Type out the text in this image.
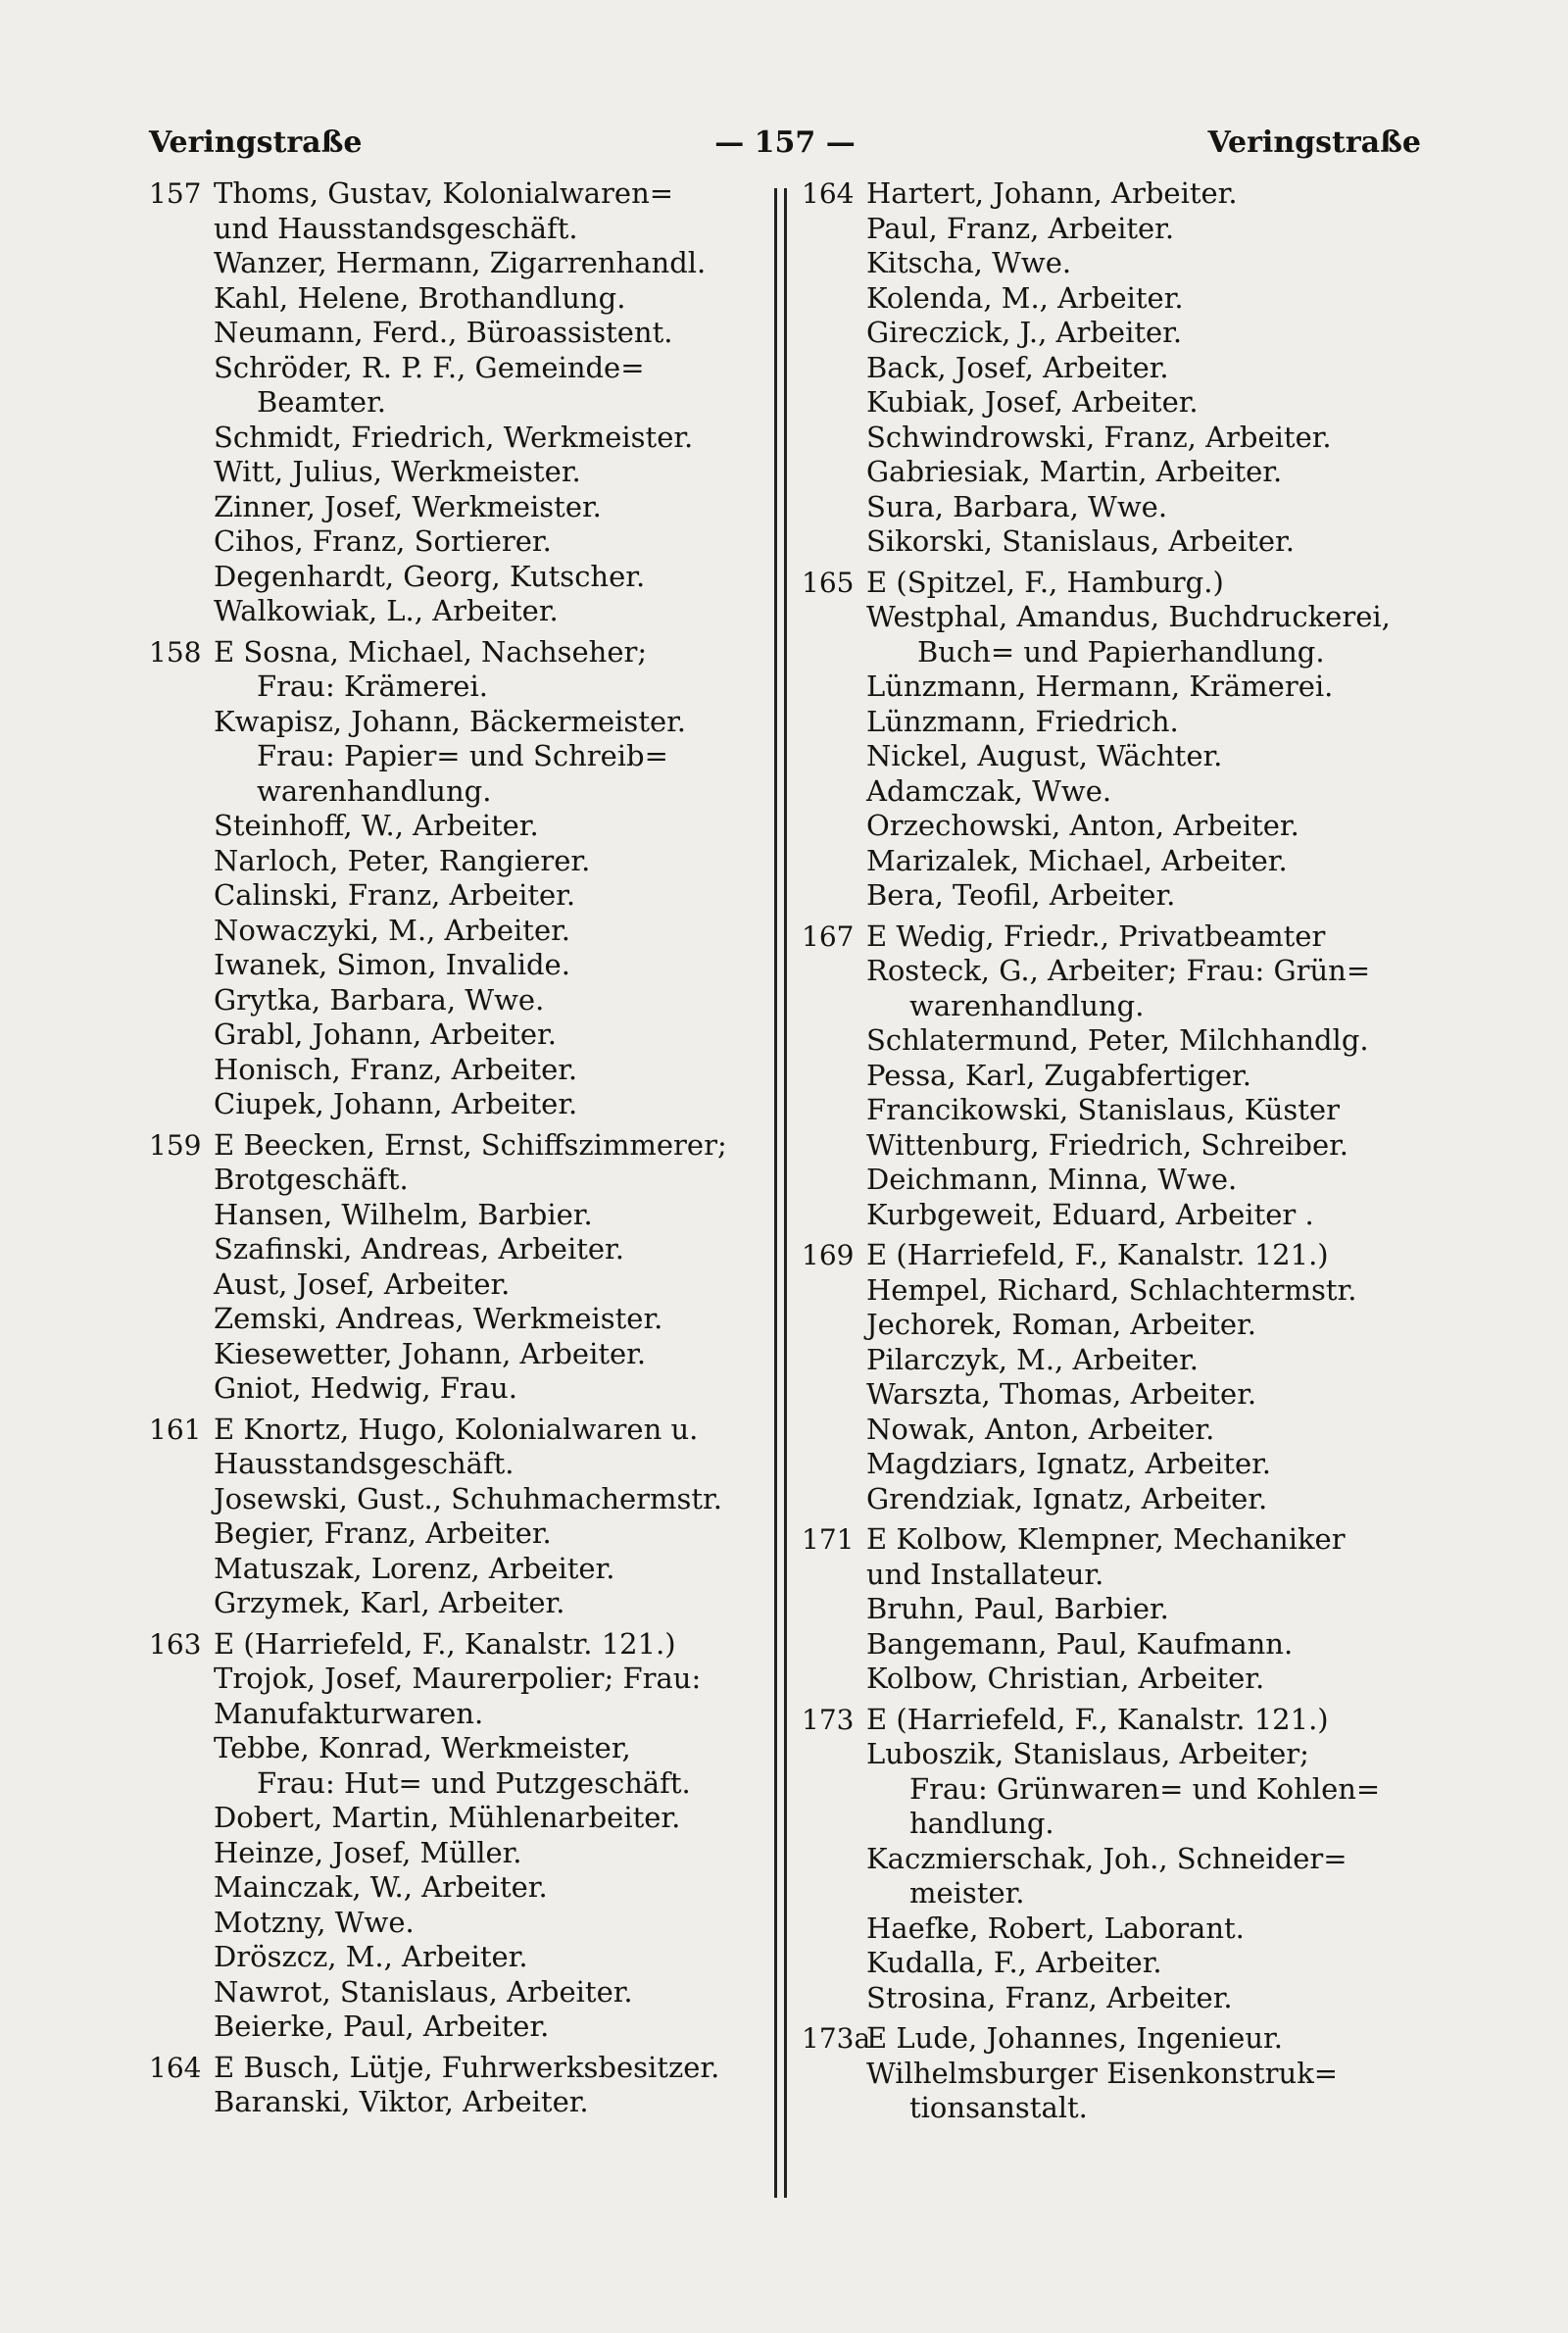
Veringstraße	— 157 —	Veringstraße
157 Thoms, Gustav, Kolonialwaren=
und Hausstandsgeschäft.
Wanzer, Hermann, Zigarrenhandl.
Kahl, Helene, Brothandlung.
Neumann, Ferd., Büroassistent.
Schröder, R. P. F., Gemeinde=
Beamter.
Schmidt, Friedrich, Werkmeister.
Witt, Julius, Werkmeister.
Zinner, Josef, Werkmeister.
Cihos, Franz, Sortierer.
Degenhardt, Georg, Kutscher.
Walkowiak, L., Arbeiter.
158 E Sosna, Michael, Nachseher;
Frau: Krämerei.
Kwapisz, Johann, Bäckermeister.
Frau: Papier= und Schreib=
warenhandlung.
Steinhoff, W., Arbeiter.
Narloch, Peter, Rangierer.
Calinski, Franz, Arbeiter.
Nowaczyki, M., Arbeiter.
Iwanek, Simon, Invalide.
Grytka, Barbara, Wwe.
Grabl, Johann, Arbeiter.
Honisch, Franz, Arbeiter.
Ciupek, Johann, Arbeiter.
159 E Beecken, Ernst, Schiffszimmerer;
Brotgeschäft.
Hansen, Wilhelm, Barbier.
Szafinski, Andreas, Arbeiter.
Aust, Josef, Arbeiter.
Zemski, Andreas, Werkmeister.
Kiesewetter, Johann, Arbeiter.
Gniot, Hedwig, Frau.
161 E Knortz, Hugo, Kolonialwaren u.
Hausstandsgeschäft.
Josewski, Gust., Schuhmachermstr.
Begier, Franz, Arbeiter.
Matuszak, Lorenz, Arbeiter.
Grzymek, Karl, Arbeiter.
163 E (Harriefeld, F., Kanalstr. 121.)
Trojok, Josef, Maurerpolier; Frau:
Manufakturwaren.
Tebbe, Konrad, Werkmeister,
Frau: Hut= und Putzgeschäft.
Dobert, Martin, Mühlenarbeiter.
Heinze, Josef, Müller.
Mainczak, W., Arbeiter.
Motzny, Wwe.
Dröszcz, M., Arbeiter.
Nawrot, Stanislaus, Arbeiter.
Beierke, Paul, Arbeiter.
164 E Busch, Lütje, Fuhrwerksbesitzer.
Baranski, Viktor, Arbeiter.
164 Hartert, Johann, Arbeiter.
Paul, Franz, Arbeiter.
Kitscha, Wwe.
Kolenda, M., Arbeiter.
Gireczick, J., Arbeiter.
Back, Josef, Arbeiter.
Kubiak, Josef, Arbeiter.
Schwindrowski, Franz, Arbeiter.
Gabriesiak, Martin, Arbeiter.
Sura, Barbara, Wwe.
Sikorski, Stanislaus, Arbeiter.
165 E (Spitzel, F., Hamburg.)
Westphal, Amandus, Buchdruckerei,
Buch= und Papierhandlung.
Lünzmann, Hermann, Krämerei.
Lünzmann, Friedrich.
Nickel, August, Wächter.
Adamczak, Wwe.
Orzechowski, Anton, Arbeiter.
Marizalek, Michael, Arbeiter.
Bera, Teofil, Arbeiter.
167 E Wedig, Friedr., Privatbeamter
Rosteck, G., Arbeiter; Frau: Grün=
warenhandlung.
Schlatermund, Peter, Milchhandlg.
Pessa, Karl, Zugabfertiger.
Francikowski, Stanislaus, Küster
Wittenburg, Friedrich, Schreiber.
Deichmann, Minna, Wwe.
Kurbgeweit, Eduard, Arbeiter .
169 E (Harriefeld, F., Kanalstr. 121.)
Hempel, Richard, Schlachtermstr.
Jechorek, Roman, Arbeiter.
Pilarczyk, M., Arbeiter.
Warszta, Thomas, Arbeiter.
Nowak, Anton, Arbeiter.
Magdziars, Ignatz, Arbeiter.
Grendziak, Ignatz, Arbeiter.
171 E Kolbow, Klempner, Mechaniker
und Installateur.
Bruhn, Paul, Barbier.
Bangemann, Paul, Kaufmann.
Kolbow, Christian, Arbeiter.
173 E (Harriefeld, F., Kanalstr. 121.)
Luboszik, Stanislaus, Arbeiter;
Frau: Grünwaren= und Kohlen=
handlung.
Kaczmierschak, Joh., Schneider=
meister.
Haefke, Robert, Laborant.
Kudalla, F., Arbeiter.
Strosina, Franz, Arbeiter.
173a
E Lude, Johannes, Ingenieur.
Wilhelmsburger Eisenkonstruk=
tionsanstalt.
